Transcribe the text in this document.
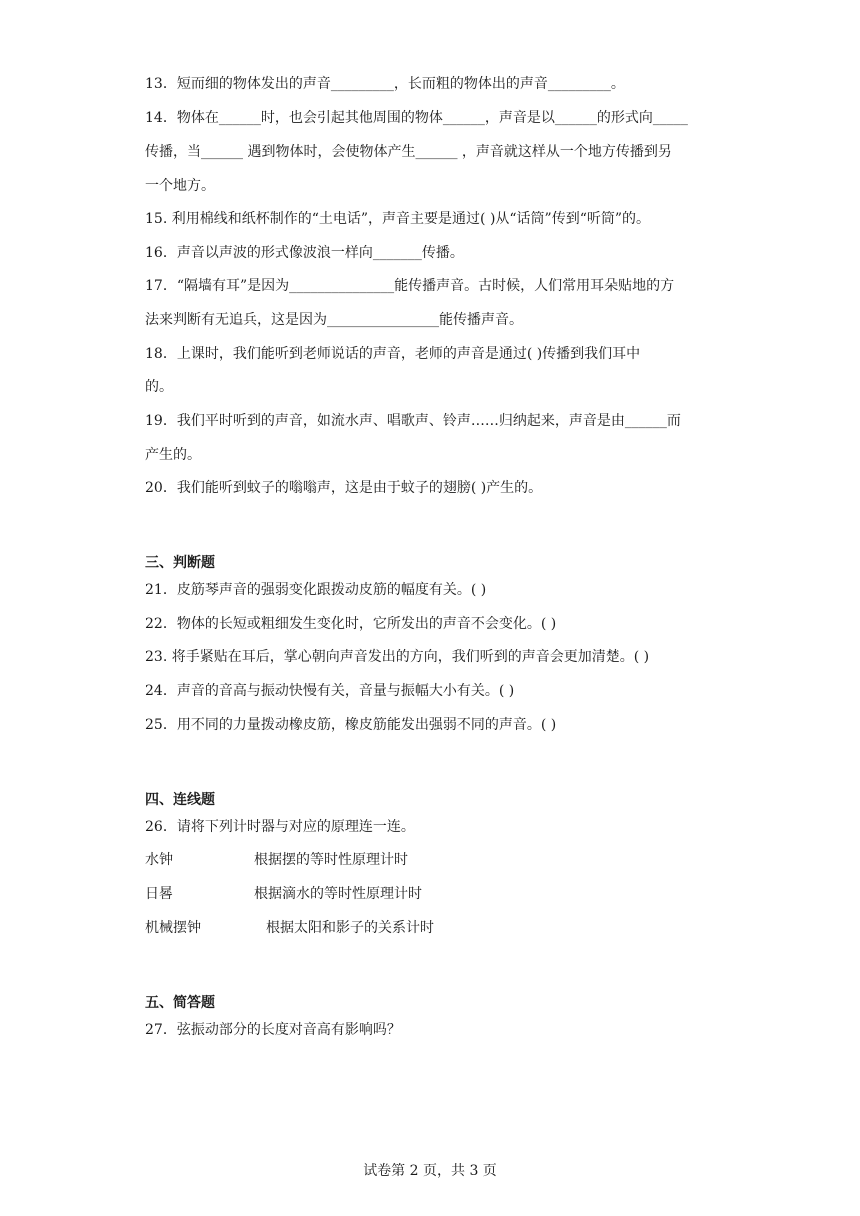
13．短而细的物体发出的声音_________，长而粗的物体出的声音_________。
14．物体在______时，也会引起其他周围的物体______，声音是以______的形式向_____
传播，当______ 遇到物体时，会使物体产生______ ，声音就这样从一个地方传播到另
一个地方。
15. 利用棉线和纸杯制作的“土电话”，声音主要是通过( )从“话筒”传到“听筒”的。
16．声音以声波的形式像波浪一样向_______传播。
17．“隔墙有耳”是因为_______________能传播声音。古时候，人们常用耳朵贴地的方
法来判断有无追兵，这是因为________________能传播声音。
18．上课时，我们能听到老师说话的声音，老师的声音是通过( )传播到我们耳中
的。
19．我们平时听到的声音，如流水声、唱歌声、铃声……归纳起来，声音是由______而
产生的。
20．我们能听到蚊子的嗡嗡声，这是由于蚊子的翅膀( )产生的。
三、判断题
21．皮筋琴声音的强弱变化跟拨动皮筋的幅度有关。( )
22．物体的长短或粗细发生变化时，它所发出的声音不会变化。( )
23. 将手紧贴在耳后，掌心朝向声音发出的方向，我们听到的声音会更加清楚。( )
24．声音的音高与振动快慢有关，音量与振幅大小有关。( )
25．用不同的力量拨动橡皮筋，橡皮筋能发出强弱不同的声音。( )
四、连线题
26．请将下列计时器与对应的原理连一连。
水钟	根据摆的等时性原理计时
日晷	根据滴水的等时性原理计时
机械摆钟	根据太阳和影子的关系计时
五、简答题
27．弦振动部分的长度对音高有影响吗？
试卷第 2 页，共 3 页
